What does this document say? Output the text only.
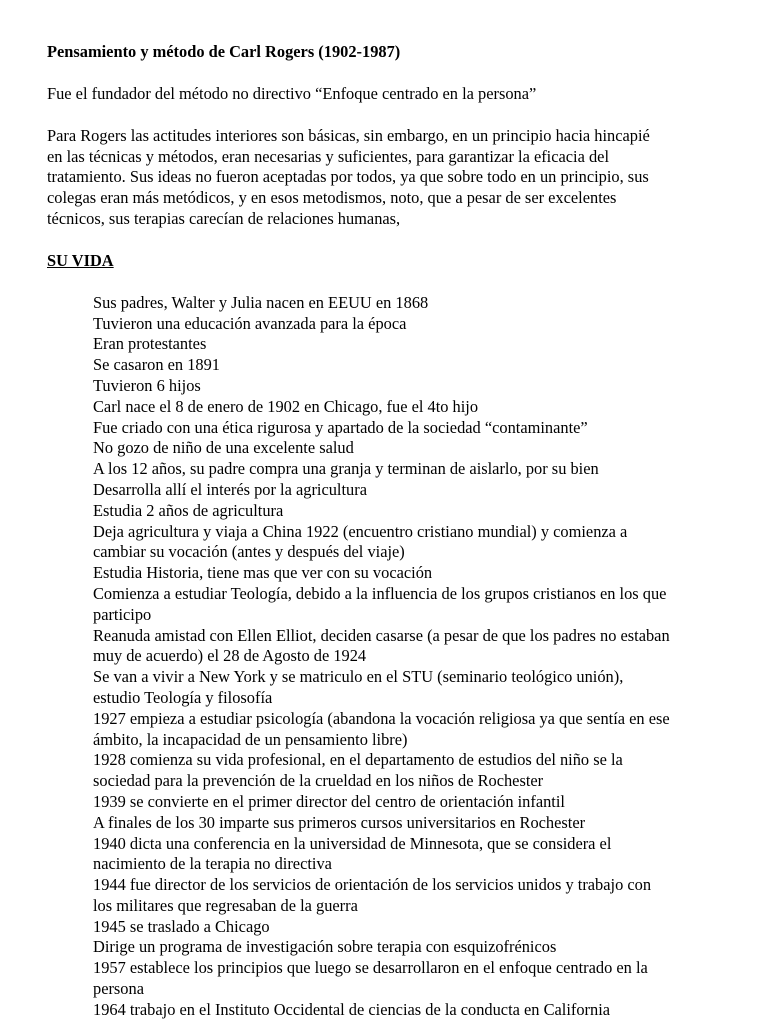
Pensamiento y método de Carl Rogers (1902-1987)

Fue el fundador del método no directivo “Enfoque centrado en la persona”

Para Rogers las actitudes interiores son básicas, sin embargo, en un principio hacia hincapié
en las técnicas y métodos, eran necesarias y suficientes, para garantizar la eficacia del
tratamiento. Sus ideas no fueron aceptadas por todos, ya que sobre todo en un principio, sus
colegas eran más metódicos, y en esos metodismos, noto, que a pesar de ser excelentes
técnicos, sus terapias carecían de relaciones humanas,

SU VIDA

Sus padres, Walter y Julia nacen en EEUU en 1868
Tuvieron una educación avanzada para la época
Eran protestantes
Se casaron en 1891
Tuvieron 6 hijos
Carl nace el 8 de enero de 1902 en Chicago, fue el 4to hijo
Fue criado con una ética rigurosa y apartado de la sociedad “contaminante”
No gozo de niño de una excelente salud
A los 12 años, su padre compra una granja y terminan de aislarlo, por su bien
Desarrolla allí el interés por la agricultura
Estudia 2 años de agricultura
Deja agricultura y viaja a China 1922 (encuentro cristiano mundial) y comienza a
cambiar su vocación (antes y después del viaje)
Estudia Historia, tiene mas que ver con su vocación
Comienza a estudiar Teología, debido a la influencia de los grupos cristianos en los que
participo
Reanuda amistad con Ellen Elliot, deciden casarse (a pesar de que los padres no estaban
muy de acuerdo) el 28 de Agosto de 1924
Se van a vivir a New York y se matriculo en el STU (seminario teológico unión),
estudio Teología y filosofía
1927 empieza a estudiar psicología (abandona la vocación religiosa ya que sentía en ese
ámbito, la incapacidad de un pensamiento libre)
1928 comienza su vida profesional, en el departamento de estudios del niño se la
sociedad para la prevención de la crueldad en los niños de Rochester
1939 se convierte en el primer director del centro de orientación infantil
A finales de los 30 imparte sus primeros cursos universitarios en Rochester
1940 dicta una conferencia en la universidad de Minnesota, que se considera el
nacimiento de la terapia no directiva
1944 fue director de los servicios de orientación de los servicios unidos y trabajo con
los militares que regresaban de la guerra
1945 se traslado a Chicago
Dirige un programa de investigación sobre terapia con esquizofrénicos
1957 establece los principios que luego se desarrollaron en el enfoque centrado en la
persona
1964 trabajo en el Instituto Occidental de ciencias de la conducta en California
